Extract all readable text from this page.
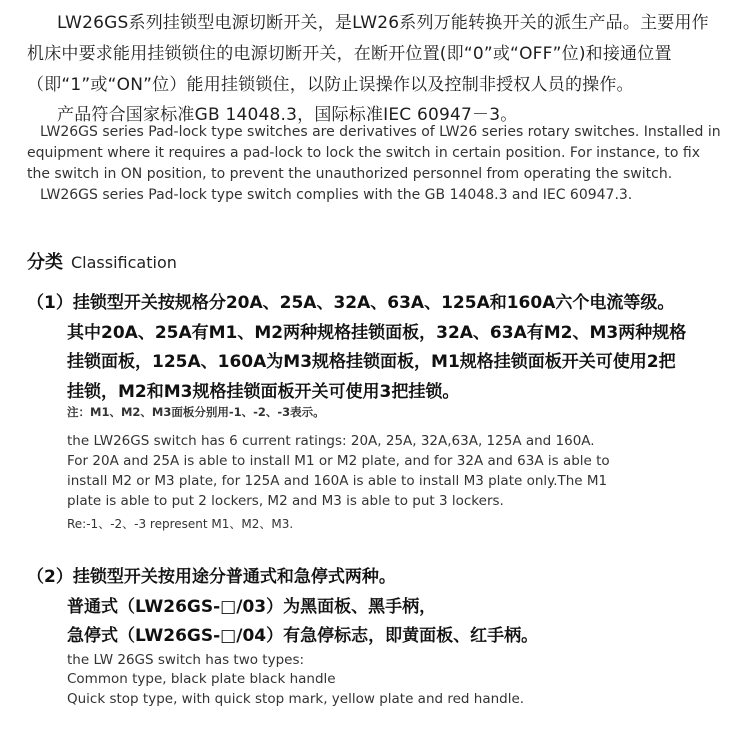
LW26GS系列挂锁型电源切断开关，是LW26系列万能转换开关的派生产品。主要用作
机床中要求能用挂锁锁住的电源切断开关，在断开位置(即“0”或“OFF”位)和接通位置
（即“1”或“ON”位）能用挂锁锁住，以防止误操作以及控制非授权人员的操作。
产品符合国家标准GB 14048.3，国际标准IEC 60947－3。
LW26GS series Pad-lock type switches are derivatives of LW26 series rotary switches. Installed in
equipment where it requires a pad-lock to lock the switch in certain position. For instance, to fix
the switch in ON position, to prevent the unauthorized personnel from operating the switch.
LW26GS series Pad-lock type switch complies with the GB 14048.3 and IEC 60947.3.
分类 Classification
（1）挂锁型开关按规格分20A、25A、32A、63A、125A和160A六个电流等级。
其中20A、25A有M1、M2两种规格挂锁面板，32A、63A有M2、M3两种规格
挂锁面板，125A、160A为M3规格挂锁面板，M1规格挂锁面板开关可使用2把
挂锁，M2和M3规格挂锁面板开关可使用3把挂锁。
注：M1、M2、M3面板分别用-1、-2、-3表示。
the LW26GS switch has 6 current ratings: 20A, 25A, 32A,63A, 125A and 160A.
For 20A and 25A is able to install M1 or M2 plate, and for 32A and 63A is able to
install M2 or M3 plate, for 125A and 160A is able to install M3 plate only.The M1
plate is able to put 2 lockers, M2 and M3 is able to put 3 lockers.
Re:-1、-2、-3 represent M1、M2、M3.
（2）挂锁型开关按用途分普通式和急停式两种。
普通式（LW26GS-□/03）为黑面板、黑手柄，
急停式（LW26GS-□/04）有急停标志，即黄面板、红手柄。
the LW 26GS switch has two types:
Common type, black plate black handle
Quick stop type, with quick stop mark, yellow plate and red handle.
